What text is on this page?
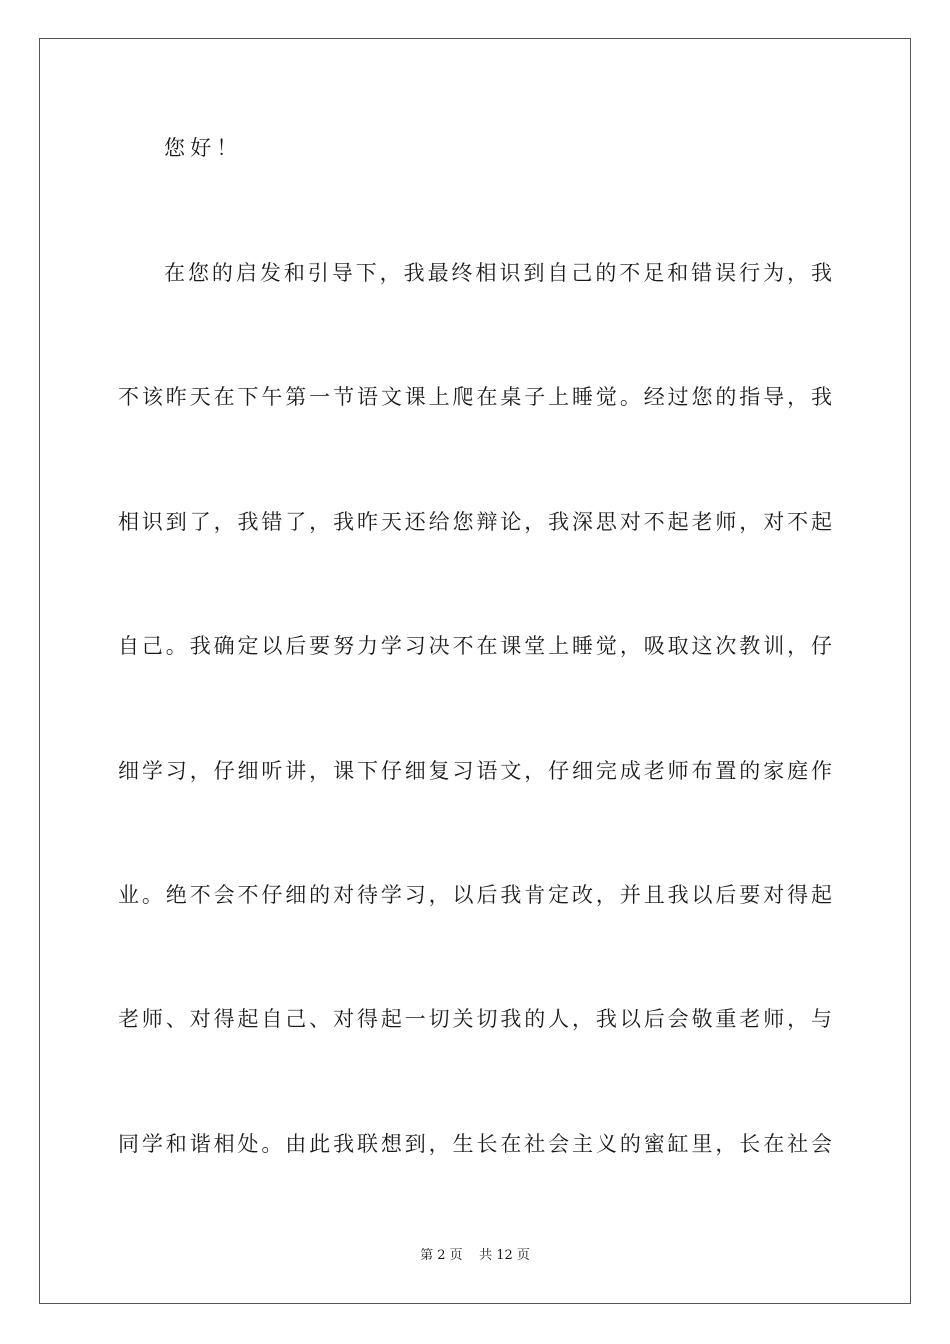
您好！
在您的启发和引导下，我最终相识到自己的不足和错误行为，我
不该昨天在下午第一节语文课上爬在桌子上睡觉。经过您的指导，我
相识到了，我错了，我昨天还给您辩论，我深思对不起老师，对不起
自己。我确定以后要努力学习决不在课堂上睡觉，吸取这次教训，仔
细学习，仔细听讲，课下仔细复习语文，仔细完成老师布置的家庭作
业。绝不会不仔细的对待学习，以后我肯定改，并且我以后要对得起
老师、对得起自己、对得起一切关切我的人，我以后会敬重老师，与
同学和谐相处。由此我联想到，生长在社会主义的蜜缸里，长在社会
第 2 页    共 12 页
